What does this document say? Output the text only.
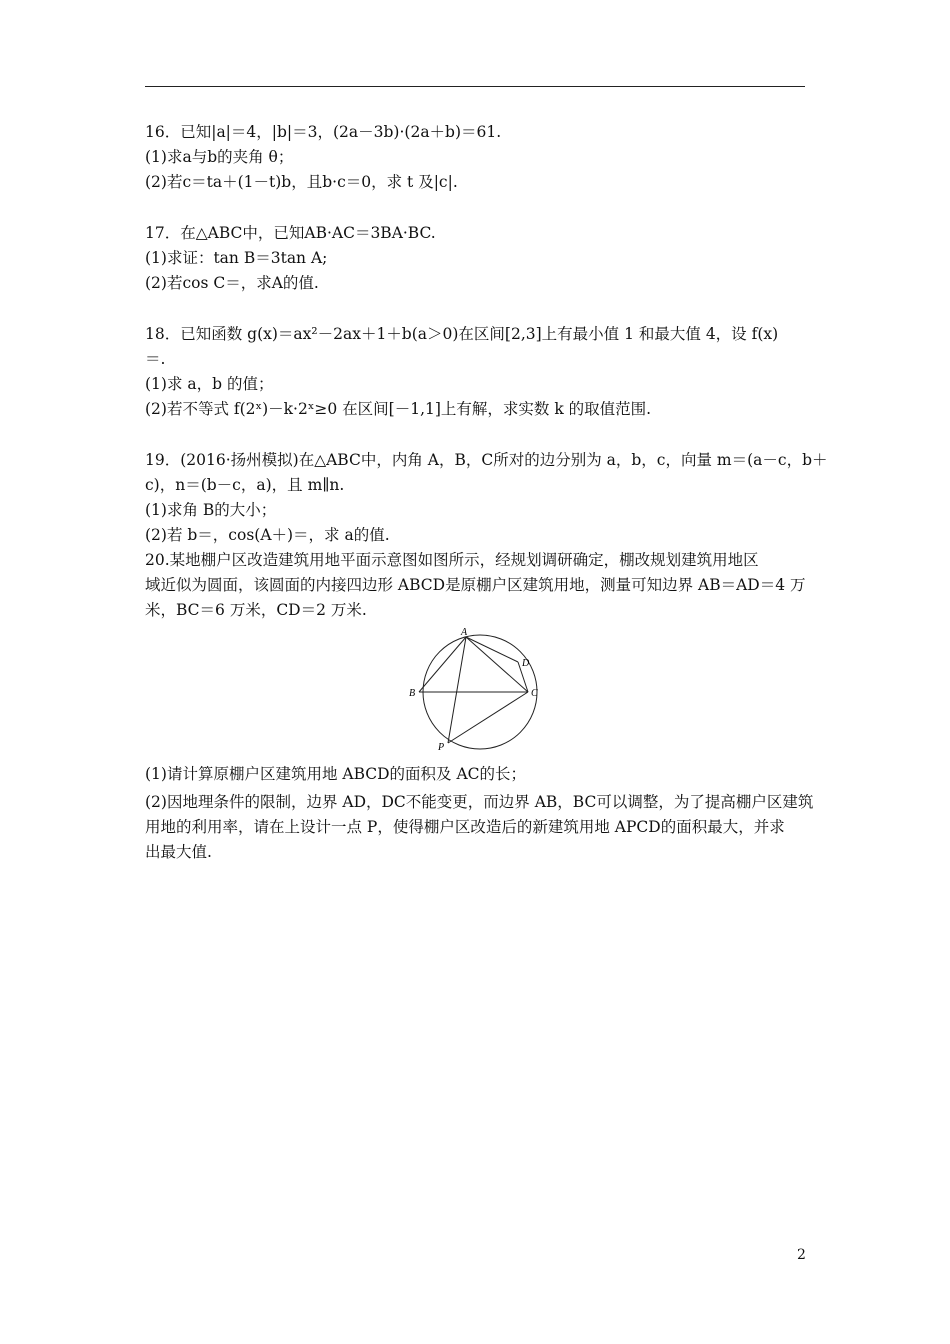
16．已知|a|＝4，|b|＝3，(2a－3b)·(2a＋b)＝61.
(1)求a与b的夹角 θ；
(2)若c＝ta＋(1－t)b，且b·c＝0，求 t 及|c|.
17．在△ABC中，已知AB·AC＝3BA·BC.
(1)求证：tan B＝3tan A;
(2)若cos C＝，求A的值.
18．已知函数 g(x)＝ax²－2ax＋1＋b(a＞0)在区间[2,3]上有最小值 1 和最大值 4，设 f(x)
＝.
(1)求 a，b 的值；
(2)若不等式 f(2ˣ)－k·2ˣ≥0 在区间[－1,1]上有解，求实数 k 的取值范围.
19．(2016·扬州模拟)在△ABC中，内角 A，B，C所对的边分别为 a，b，c，向量 m＝(a－c，b＋
c)，n＝(b－c，a)，且 m∥n.
(1)求角 B的大小；
(2)若 b＝，cos(A＋)＝，求 a的值.
20.某地棚户区改造建筑用地平面示意图如图所示，经规划调研确定，棚改规划建筑用地区
域近似为圆面，该圆面的内接四边形 ABCD是原棚户区建筑用地，测量可知边界 AB＝AD＝4 万
米，BC＝6 万米，CD＝2 万米.
A
B	C
D
P
(1)请计算原棚户区建筑用地 ABCD的面积及 AC的长；
(2)因地理条件的限制，边界 AD，DC不能变更，而边界 AB，BC可以调整，为了提高棚户区建筑
用地的利用率，请在上设计一点 P，使得棚户区改造后的新建筑用地 APCD的面积最大，并求
出最大值.
2
